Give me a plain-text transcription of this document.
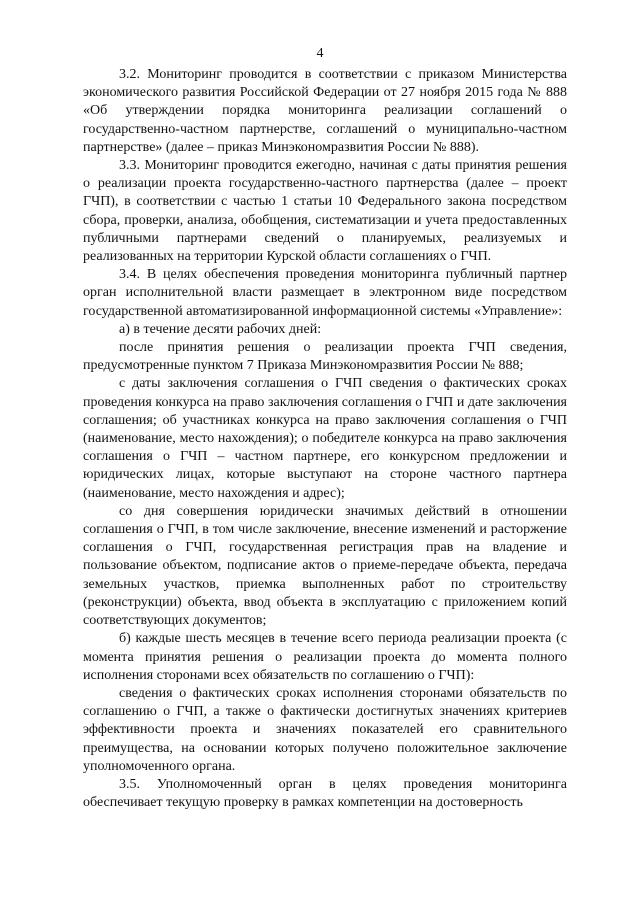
4

3.2. Мониторинг проводится в соответствии с приказом Министерства экономического развития Российской Федерации от 27 ноября 2015 года № 888 «Об утверждении порядка мониторинга реализации соглашений о государственно-частном партнерстве, соглашений о муниципально-частном партнерстве» (далее – приказ Минэкономразвития России № 888).

3.3. Мониторинг проводится ежегодно, начиная с даты принятия решения о реализации проекта государственно-частного партнерства (далее – проект ГЧП), в соответствии с частью 1 статьи 10 Федерального закона посредством сбора, проверки, анализа, обобщения, систематизации и учета предоставленных публичными партнерами сведений о планируемых, реализуемых и реализованных на территории Курской области соглашениях о ГЧП.

3.4. В целях обеспечения проведения мониторинга публичный партнер орган исполнительной власти размещает в электронном виде посредством государственной автоматизированной информационной системы «Управление»:

а) в течение десяти рабочих дней:

после принятия решения о реализации проекта ГЧП сведения, предусмотренные пунктом 7 Приказа Минэкономразвития России № 888;

с даты заключения соглашения о ГЧП сведения о фактических сроках проведения конкурса на право заключения соглашения о ГЧП и дате заключения соглашения; об участниках конкурса на право заключения соглашения о ГЧП (наименование, место нахождения); о победителе конкурса на право заключения соглашения о ГЧП – частном партнере, его конкурсном предложении и юридических лицах, которые выступают на стороне частного партнера (наименование, место нахождения и адрес);

со дня совершения юридически значимых действий в отношении соглашения о ГЧП, в том числе заключение, внесение изменений и расторжение соглашения о ГЧП, государственная регистрация прав на владение и пользование объектом, подписание актов о приеме-передаче объекта, передача земельных участков, приемка выполненных работ по строительству (реконструкции) объекта, ввод объекта в эксплуатацию с приложением копий соответствующих документов;

б) каждые шесть месяцев в течение всего периода реализации проекта (с момента принятия решения о реализации проекта до момента полного исполнения сторонами всех обязательств по соглашению о ГЧП):

сведения о фактических сроках исполнения сторонами обязательств по соглашению о ГЧП, а также о фактически достигнутых значениях критериев эффективности проекта и значениях показателей его сравнительного преимущества, на основании которых получено положительное заключение уполномоченного органа.

3.5. Уполномоченный орган в целях проведения мониторинга обеспечивает текущую проверку в рамках компетенции на достоверность
